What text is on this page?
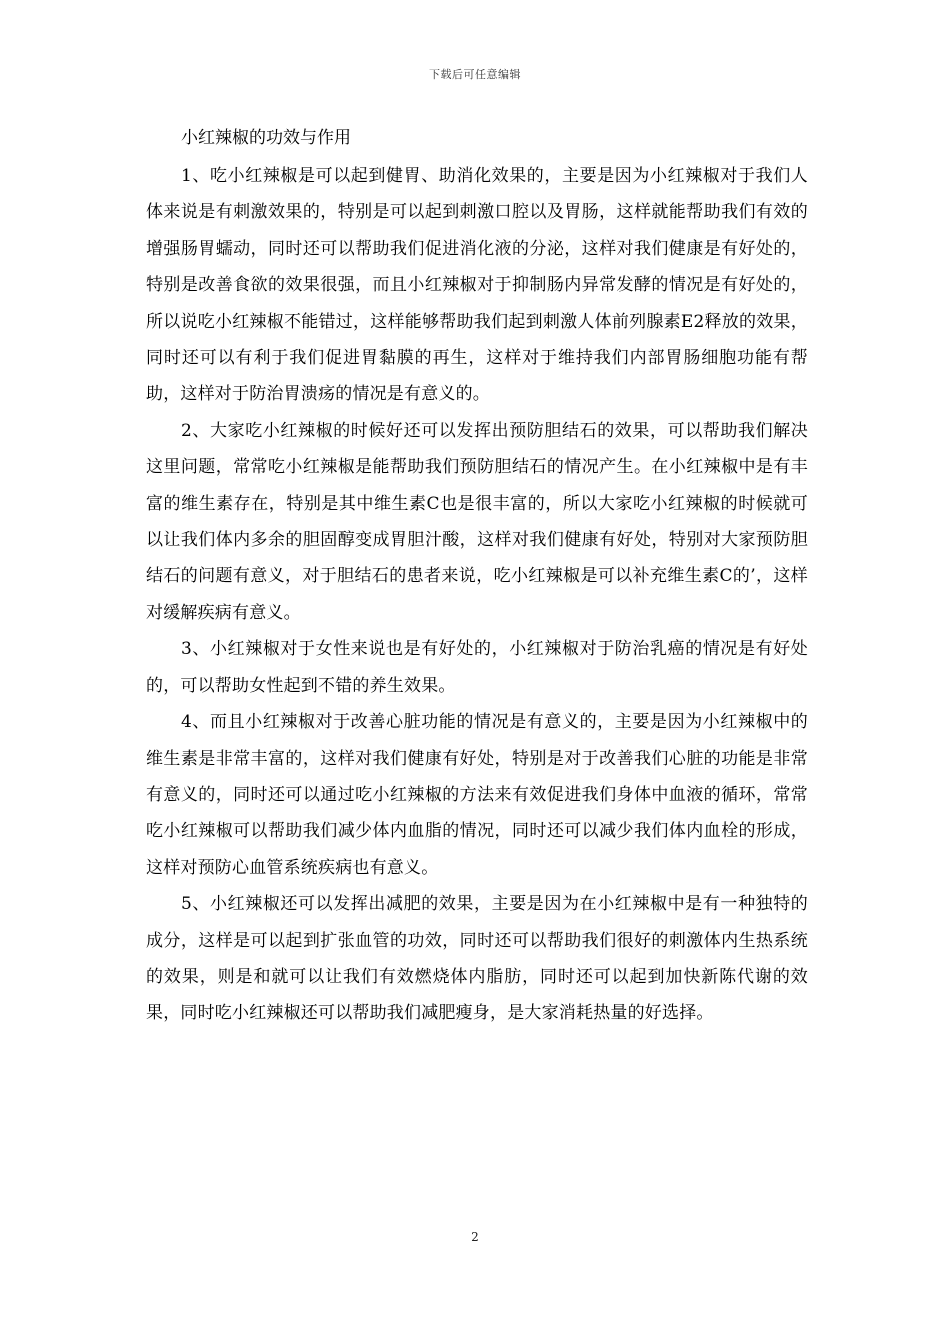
下载后可任意编辑
小红辣椒的功效与作用

1、吃小红辣椒是可以起到健胃、助消化效果的，主要是因为小红辣椒对于我们人体来说是有刺激效果的，特别是可以起到刺激口腔以及胃肠，这样就能帮助我们有效的增强肠胃蠕动，同时还可以帮助我们促进消化液的分泌，这样对我们健康是有好处的，特别是改善食欲的效果很强，而且小红辣椒对于抑制肠内异常发酵的情况是有好处的，所以说吃小红辣椒不能错过，这样能够帮助我们起到刺激人体前列腺素E2释放的效果，同时还可以有利于我们促进胃黏膜的再生，这样对于维持我们内部胃肠细胞功能有帮助，这样对于防治胃溃疡的情况是有意义的。

2、大家吃小红辣椒的时候好还可以发挥出预防胆结石的效果，可以帮助我们解决这里问题，常常吃小红辣椒是能帮助我们预防胆结石的情况产生。在小红辣椒中是有丰富的维生素存在，特别是其中维生素C也是很丰富的，所以大家吃小红辣椒的时候就可以让我们体内多余的胆固醇变成胃胆汁酸，这样对我们健康有好处，特别对大家预防胆结石的问题有意义，对于胆结石的患者来说，吃小红辣椒是可以补充维生素C的’，这样对缓解疾病有意义。

3、小红辣椒对于女性来说也是有好处的，小红辣椒对于防治乳癌的情况是有好处的，可以帮助女性起到不错的养生效果。

4、而且小红辣椒对于改善心脏功能的情况是有意义的，主要是因为小红辣椒中的维生素是非常丰富的，这样对我们健康有好处，特别是对于改善我们心脏的功能是非常有意义的，同时还可以通过吃小红辣椒的方法来有效促进我们身体中血液的循环，常常吃小红辣椒可以帮助我们减少体内血脂的情况，同时还可以减少我们体内血栓的形成，这样对预防心血管系统疾病也有意义。

5、小红辣椒还可以发挥出减肥的效果，主要是因为在小红辣椒中是有一种独特的成分，这样是可以起到扩张血管的功效，同时还可以帮助我们很好的刺激体内生热系统的效果，则是和就可以让我们有效燃烧体内脂肪，同时还可以起到加快新陈代谢的效果，同时吃小红辣椒还可以帮助我们减肥瘦身，是大家消耗热量的好选择。

2
